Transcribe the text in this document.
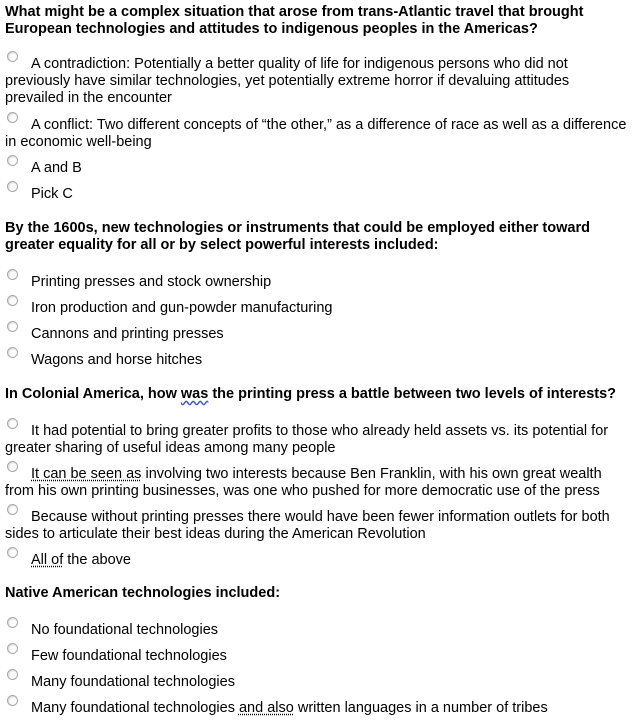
What might be a complex situation that arose from trans-Atlantic travel that brought European technologies and attitudes to indigenous peoples in the Americas?
A contradiction: Potentially a better quality of life for indigenous persons who did not previously have similar technologies, yet potentially extreme horror if devaluing attitudes prevailed in the encounter
A conflict: Two different concepts of “the other,” as a difference of race as well as a difference in economic well-being
A and B
Pick C
By the 1600s, new technologies or instruments that could be employed either toward greater equality for all or by select powerful interests included:
Printing presses and stock ownership
Iron production and gun-powder manufacturing
Cannons and printing presses
Wagons and horse hitches
In Colonial America, how was the printing press a battle between two levels of interests?
It had potential to bring greater profits to those who already held assets vs. its potential for greater sharing of useful ideas among many people
It can be seen as involving two interests because Ben Franklin, with his own great wealth from his own printing businesses, was one who pushed for more democratic use of the press
Because without printing presses there would have been fewer information outlets for both sides to articulate their best ideas during the American Revolution
All of the above
Native American technologies included:
No foundational technologies
Few foundational technologies
Many foundational technologies
Many foundational technologies and also written languages in a number of tribes
